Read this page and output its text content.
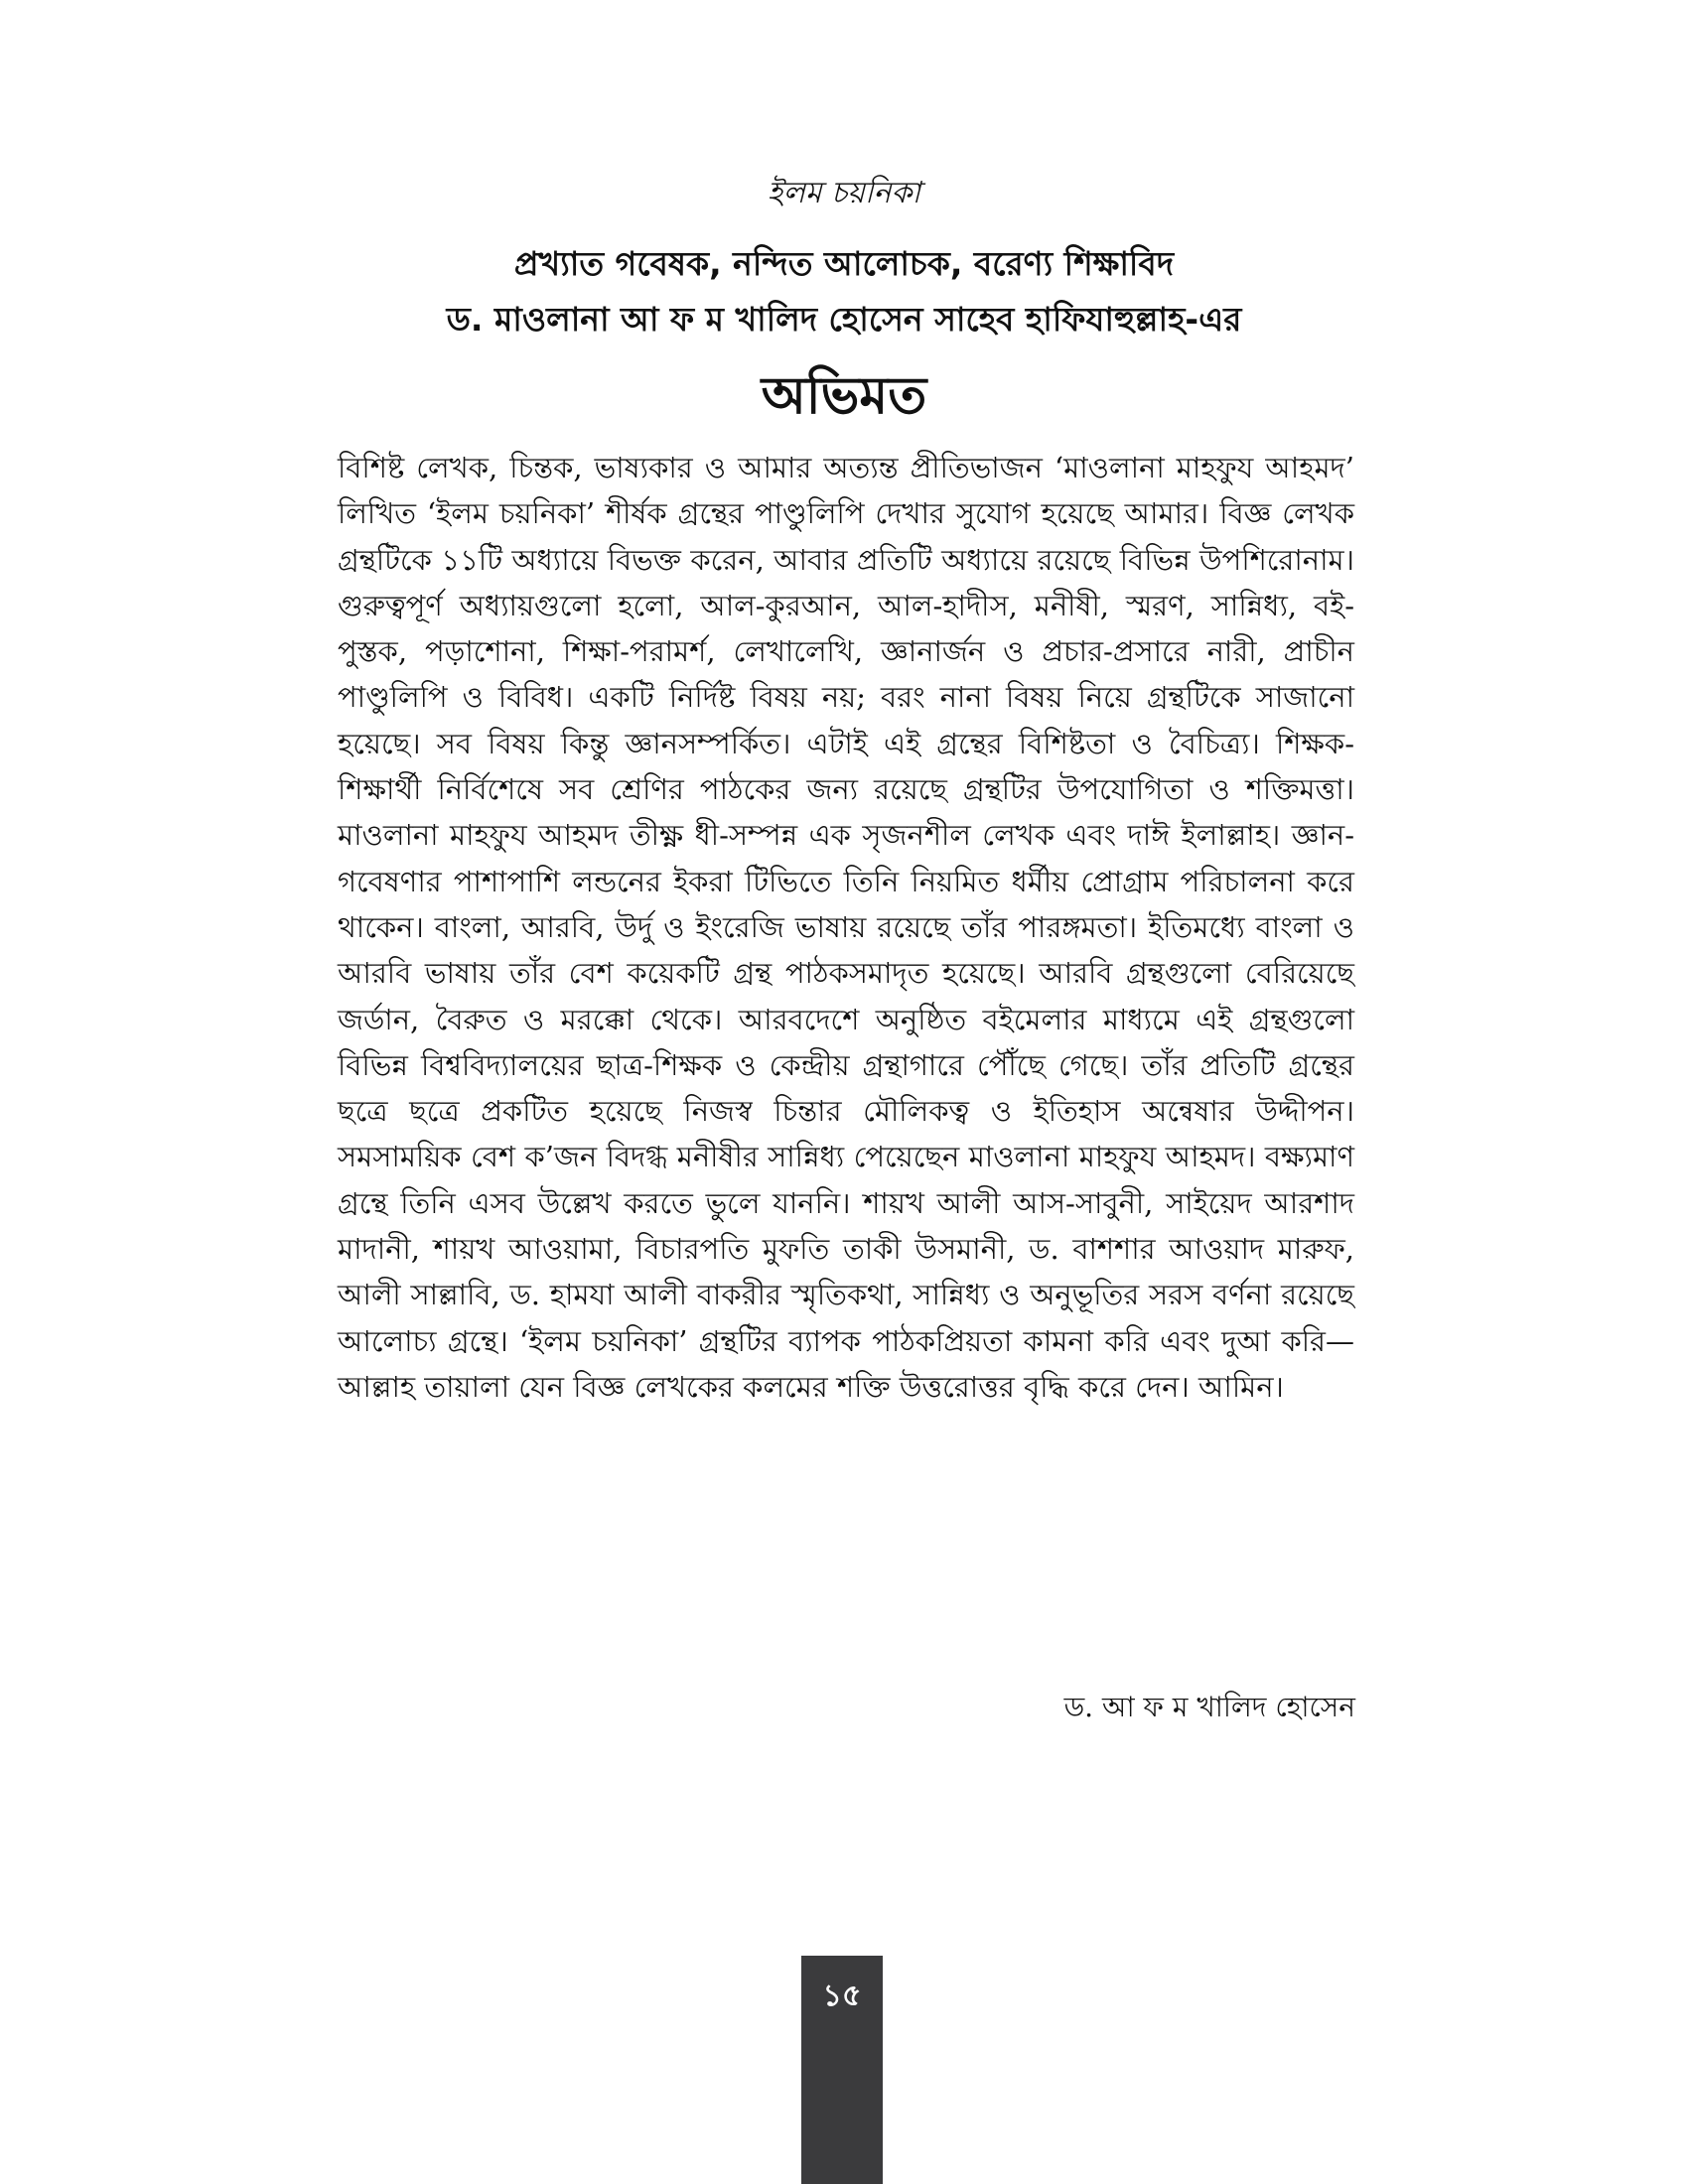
ইলম চয়নিকা
প্রখ্যাত গবেষক, নন্দিত আলোচক, বরেণ্য শিক্ষাবিদ
ড. মাওলানা আ ফ ম খালিদ হোসেন সাহেব হাফিযাহুল্লাহ-এর
অভিমত

বিশিষ্ট লেখক, চিন্তক, ভাষ্যকার ও আমার অত্যন্ত প্রীতিভাজন ‘মাওলানা মাহফুয আহমদ’ লিখিত ‘ইলম চয়নিকা’ শীর্ষক গ্রন্থের পাণ্ডুলিপি দেখার সুযোগ হয়েছে আমার। বিজ্ঞ লেখক গ্রন্থটিকে ১১টি অধ্যায়ে বিভক্ত করেন, আবার প্রতিটি অধ্যায়ে রয়েছে বিভিন্ন উপশিরোনাম। গুরুত্বপূর্ণ অধ্যায়গুলো হলো, আল-কুরআন, আল-হাদীস, মনীষী, স্মরণ, সান্নিধ্য, বই-পুস্তক, পড়াশোনা, শিক্ষা-পরামর্শ, লেখালেখি, জ্ঞানার্জন ও প্রচার-প্রসারে নারী, প্রাচীন পাণ্ডুলিপি ও বিবিধ। একটি নির্দিষ্ট বিষয় নয়; বরং নানা বিষয় নিয়ে গ্রন্থটিকে সাজানো হয়েছে। সব বিষয় কিন্তু জ্ঞানসম্পর্কিত। এটাই এই গ্রন্থের বিশিষ্টতা ও বৈচিত্র্য। শিক্ষক-শিক্ষার্থী নির্বিশেষে সব শ্রেণির পাঠকের জন্য রয়েছে গ্রন্থটির উপযোগিতা ও শক্তিমত্তা। মাওলানা মাহফুয আহমদ তীক্ষ্ণ ধী-সম্পন্ন এক সৃজনশীল লেখক এবং দাঈ ইলাল্লাহ। জ্ঞান-গবেষণার পাশাপাশি লন্ডনের ইকরা টিভিতে তিনি নিয়মিত ধর্মীয় প্রোগ্রাম পরিচালনা করে থাকেন। বাংলা, আরবি, উর্দু ও ইংরেজি ভাষায় রয়েছে তাঁর পারঙ্গমতা। ইতিমধ্যে বাংলা ও আরবি ভাষায় তাঁর বেশ কয়েকটি গ্রন্থ পাঠকসমাদৃত হয়েছে। আরবি গ্রন্থগুলো বেরিয়েছে জর্ডান, বৈরুত ও মরক্কো থেকে। আরবদেশে অনুষ্ঠিত বইমেলার মাধ্যমে এই গ্রন্থগুলো বিভিন্ন বিশ্ববিদ্যালয়ের ছাত্র-শিক্ষক ও কেন্দ্রীয় গ্রন্থাগারে পৌঁছে গেছে। তাঁর প্রতিটি গ্রন্থের ছত্রে ছত্রে প্রকটিত হয়েছে নিজস্ব চিন্তার মৌলিকত্ব ও ইতিহাস অন্বেষার উদ্দীপন। সমসাময়িক বেশ ক’জন বিদগ্ধ মনীষীর সান্নিধ্য পেয়েছেন মাওলানা মাহফুয আহমদ। বক্ষ্যমাণ গ্রন্থে তিনি এসব উল্লেখ করতে ভুলে যাননি। শায়খ আলী আস-সাবুনী, সাইয়েদ আরশাদ মাদানী, শায়খ আওয়ামা, বিচারপতি মুফতি তাকী উসমানী, ড. বাশশার আওয়াদ মারুফ, আলী সাল্লাবি, ড. হামযা আলী বাকরীর স্মৃতিকথা, সান্নিধ্য ও অনুভূতির সরস বর্ণনা রয়েছে আলোচ্য গ্রন্থে। ‘ইলম চয়নিকা’ গ্রন্থটির ব্যাপক পাঠকপ্রিয়তা কামনা করি এবং দুআ করি—আল্লাহ তায়ালা যেন বিজ্ঞ লেখকের কলমের শক্তি উত্তরোত্তর বৃদ্ধি করে দেন। আমিন।

ড. আ ফ ম খালিদ হোসেন
১৫
